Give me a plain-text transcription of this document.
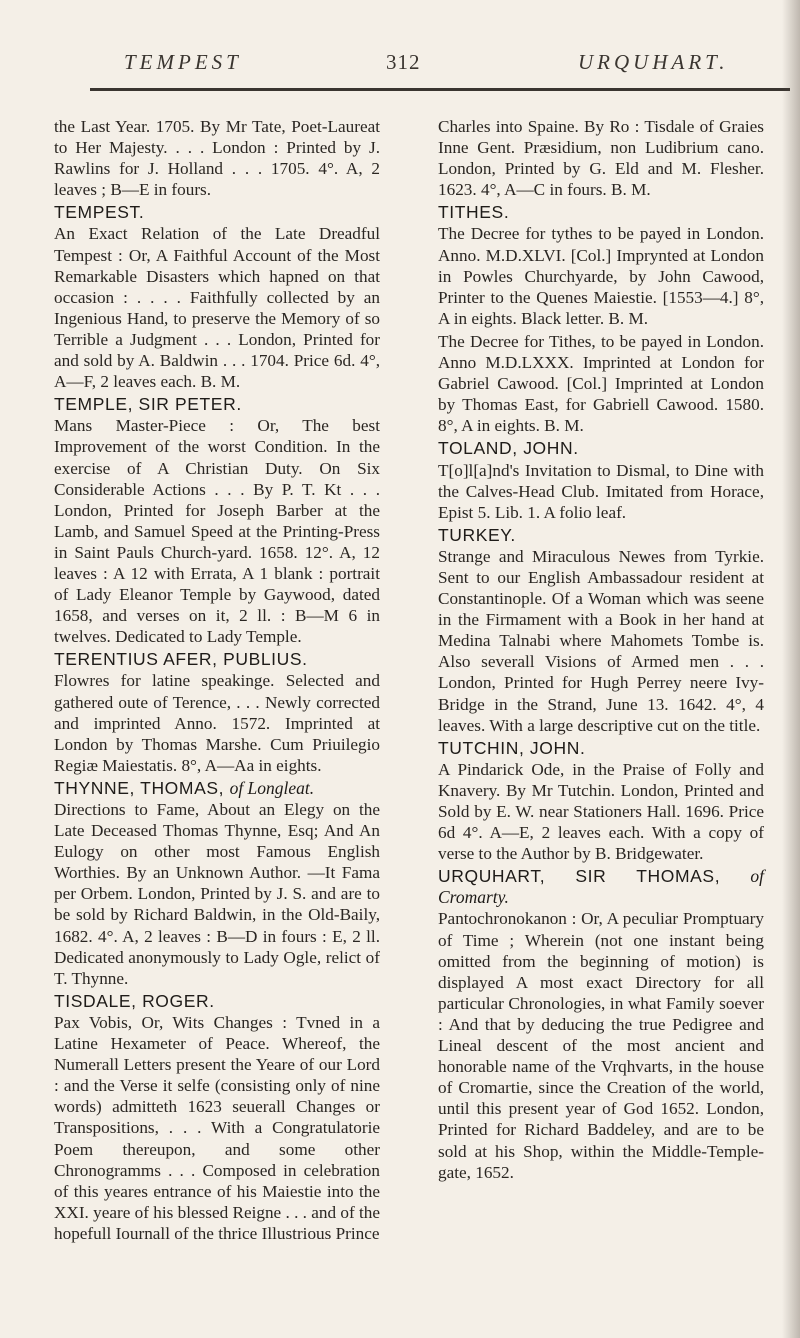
TEMPEST	312	URQUHART.
the Last Year. 1705. By Mr Tate, Poet-Laureat to Her Majesty. . . . London : Printed by J. Rawlins for J. Holland . . . 1705. 4°. A, 2 leaves ; B—E in fours.
TEMPEST.
An Exact Relation of the Late Dreadful Tempest : Or, A Faithful Account of the Most Remarkable Disasters which hapned on that occasion : . . . . Faithfully collected by an Ingenious Hand, to preserve the Memory of so Terrible a Judgment . . . London, Printed for and sold by A. Baldwin . . . 1704. Price 6d. 4°, A—F, 2 leaves each. B. M.
TEMPLE, SIR PETER.
Mans Master-Piece : Or, The best Improvement of the worst Condition. In the exercise of A Christian Duty. On Six Considerable Actions . . . By P. T. Kt . . . London, Printed for Joseph Barber at the Lamb, and Samuel Speed at the Printing-Press in Saint Pauls Church-yard. 1658. 12°. A, 12 leaves : A 12 with Errata, A 1 blank : portrait of Lady Eleanor Temple by Gaywood, dated 1658, and verses on it, 2 ll. : B—M 6 in twelves. Dedicated to Lady Temple.
TERENTIUS AFER, PUBLIUS.
Flowres for latine speakinge. Selected and gathered oute of Terence, . . . Newly corrected and imprinted Anno. 1572. Imprinted at London by Thomas Marshe. Cum Priuilegio Regiæ Maiestatis. 8°, A—Aa in eights.
THYNNE, THOMAS, of Longleat.
Directions to Fame, About an Elegy on the Late Deceased Thomas Thynne, Esq; And An Eulogy on other most Famous English Worthies. By an Unknown Author. —It Fama per Orbem. London, Printed by J. S. and are to be sold by Richard Baldwin, in the Old-Baily, 1682. 4°. A, 2 leaves : B—D in fours : E, 2 ll. Dedicated anonymously to Lady Ogle, relict of T. Thynne.
TISDALE, ROGER.
Pax Vobis, Or, Wits Changes : Tvned in a Latine Hexameter of Peace. Whereof, the Numerall Letters present the Yeare of our Lord : and the Verse it selfe (consisting only of nine words) admitteth 1623 seuerall Changes or Transpositions, . . . With a Congratulatorie Poem thereupon, and some other Chronogramms . . . Composed in celebration of this yeares entrance of his Maiestie into the XXI. yeare of his blessed Reigne . . . and of the hopefull Iournall of the thrice Illustrious Prince
Charles into Spaine. By Ro : Tisdale of Graies Inne Gent. Præsidium, non Ludibrium cano. London, Printed by G. Eld and M. Flesher. 1623. 4°, A—C in fours. B. M.
TITHES.
The Decree for tythes to be payed in London. Anno. M.D.XLVI. [Col.] Imprynted at London in Powles Churchyarde, by John Cawood, Printer to the Quenes Maiestie. [1553—4.] 8°, A in eights. Black letter. B. M.
The Decree for Tithes, to be payed in London. Anno M.D.LXXX. Imprinted at London for Gabriel Cawood. [Col.] Imprinted at London by Thomas East, for Gabriell Cawood. 1580. 8°, A in eights. B. M.
TOLAND, JOHN.
T[o]l[a]nd's Invitation to Dismal, to Dine with the Calves-Head Club. Imitated from Horace, Epist 5. Lib. 1. A folio leaf.
TURKEY.
Strange and Miraculous Newes from Tyrkie. Sent to our English Ambassadour resident at Constantinople. Of a Woman which was seene in the Firmament with a Book in her hand at Medina Talnabi where Mahomets Tombe is. Also severall Visions of Armed men . . . London, Printed for Hugh Perrey neere Ivy-Bridge in the Strand, June 13. 1642. 4°, 4 leaves. With a large descriptive cut on the title.
TUTCHIN, JOHN.
A Pindarick Ode, in the Praise of Folly and Knavery. By Mr Tutchin. London, Printed and Sold by E. W. near Stationers Hall. 1696. Price 6d 4°. A—E, 2 leaves each. With a copy of verse to the Author by B. Bridgewater.
URQUHART, SIR THOMAS, of Cromarty.
Pantochronokanon : Or, A peculiar Promptuary of Time ; Wherein (not one instant being omitted from the beginning of motion) is displayed A most exact Directory for all particular Chronologies, in what Family soever : And that by deducing the true Pedigree and Lineal descent of the most ancient and honorable name of the Vrqhvarts, in the house of Cromartie, since the Creation of the world, until this present year of God 1652. London, Printed for Richard Baddeley, and are to be sold at his Shop, within the Middle-Temple-gate, 1652.
